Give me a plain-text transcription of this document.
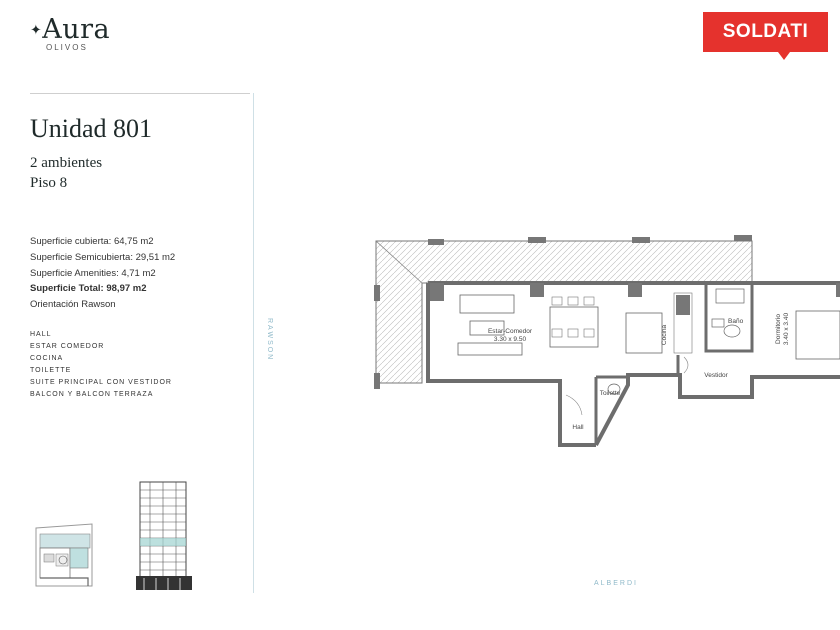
✦Aura
OLIVOS
SOLDATI
Unidad 801
2 ambientes
Piso 8
Superficie cubierta: 64,75 m2
Superficie Semicubierta: 29,51 m2
Superficie Amenities: 4,71 m2
Superficie Total: 98,97 m2
Orientación Rawson
HALL
ESTAR COMEDOR
COCINA
TOILETTE
SUITE PRINCIPAL CON VESTIDOR
BALCON Y BALCON TERRAZA
RAWSON
ALBERDI
Estar-Comedor
3.30 x 9.50	Cocina
Baño	Dormitorio 3.40 x 3.40
Vestidor
Toilette
Hall
